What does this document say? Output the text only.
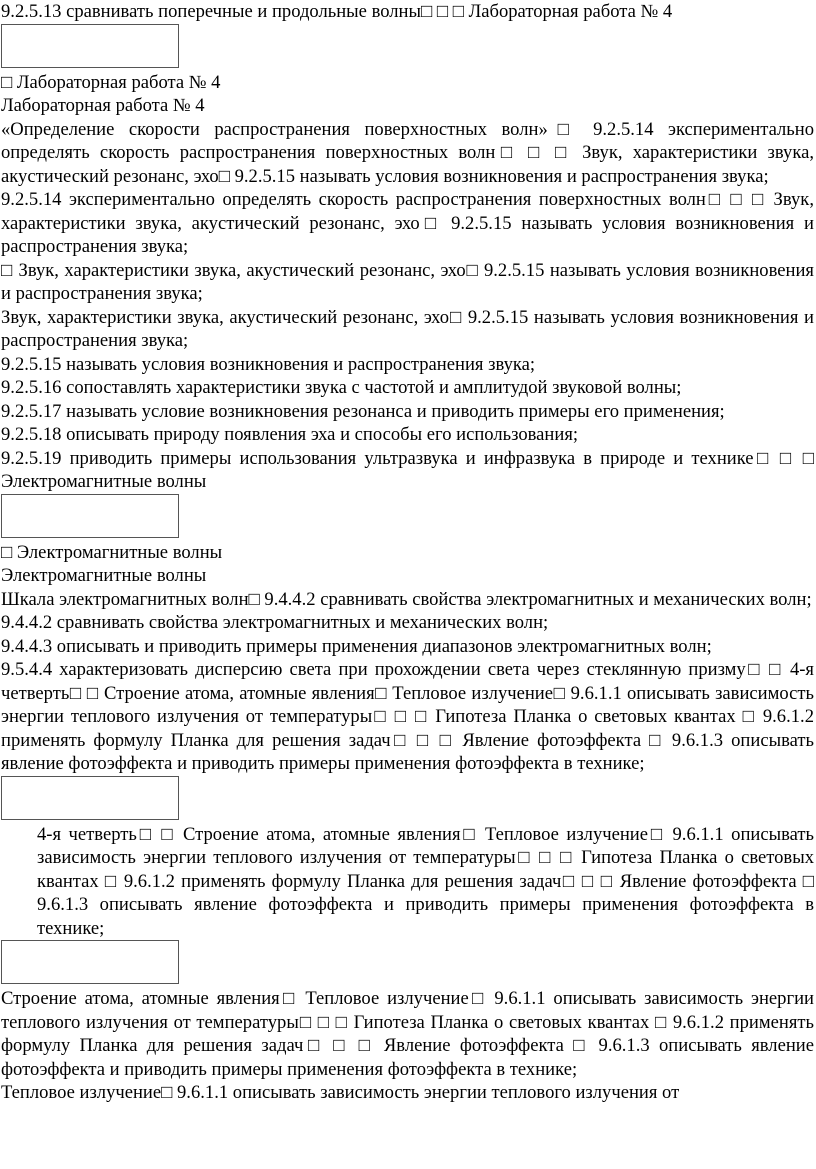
9.2.5.13 сравнивать поперечные и продольные волны□ □ □ Лабораторная работа № 4

□ Лабораторная работа № 4

Лабораторная работа № 4

«Определение скорости распространения поверхностных волн»□ 9.2.5.14 экспериментально определять скорость распространения поверхностных волн□ □ □ Звук, характеристики звука, акустический резонанс, эхо□ 9.2.5.15 называть условия возникновения и распространения звука;

9.2.5.14 экспериментально определять скорость распространения поверхностных волн□ □ □ Звук, характеристики звука, акустический резонанс, эхо□ 9.2.5.15 называть условия возникновения и распространения звука;

□ Звук, характеристики звука, акустический резонанс, эхо□ 9.2.5.15 называть условия возникновения и распространения звука;

Звук, характеристики звука, акустический резонанс, эхо□ 9.2.5.15 называть условия возникновения и распространения звука;

9.2.5.15 называть условия возникновения и распространения звука;

9.2.5.16 сопоставлять характеристики звука с частотой и амплитудой звуковой волны;

9.2.5.17 называть условие возникновения резонанса и приводить примеры его применения;

9.2.5.18 описывать природу появления эха и способы его использования;

9.2.5.19 приводить примеры использования ультразвука и инфразвука в природе и технике□ □ □ Электромагнитные волны

□ Электромагнитные волны

Электромагнитные волны

Шкала электромагнитных волн□ 9.4.4.2 сравнивать свойства электромагнитных и механических волн;

9.4.4.2 сравнивать свойства электромагнитных и механических волн;

9.4.4.3 описывать и приводить примеры применения диапазонов электромагнитных волн;

9.5.4.4 характеризовать дисперсию света при прохождении света через стеклянную призму□ □ 4-я четверть□ □ Строение атома, атомные явления□ Тепловое излучение□ 9.6.1.1 описывать зависимость энергии теплового излучения от температуры□ □ □ Гипотеза Планка о световых квантах □ 9.6.1.2 применять формулу Планка для решения задач□ □ □ Явление фотоэффекта □ 9.6.1.3 описывать явление фотоэффекта и приводить примеры применения фотоэффекта в технике;

4-я четверть□ □ Строение атома, атомные явления□ Тепловое излучение□ 9.6.1.1 описывать зависимость энергии теплового излучения от температуры□ □ □ Гипотеза Планка о световых квантах □ 9.6.1.2 применять формулу Планка для решения задач□ □ □ Явление фотоэффекта □ 9.6.1.3 описывать явление фотоэффекта и приводить примеры применения фотоэффекта в технике;

Строение атома, атомные явления□ Тепловое излучение□ 9.6.1.1 описывать зависимость энергии теплового излучения от температуры□ □ □ Гипотеза Планка о световых квантах □ 9.6.1.2 применять формулу Планка для решения задач□ □ □ Явление фотоэффекта □ 9.6.1.3 описывать явление фотоэффекта и приводить примеры применения фотоэффекта в технике;

Тепловое излучение□ 9.6.1.1 описывать зависимость энергии теплового излучения от
